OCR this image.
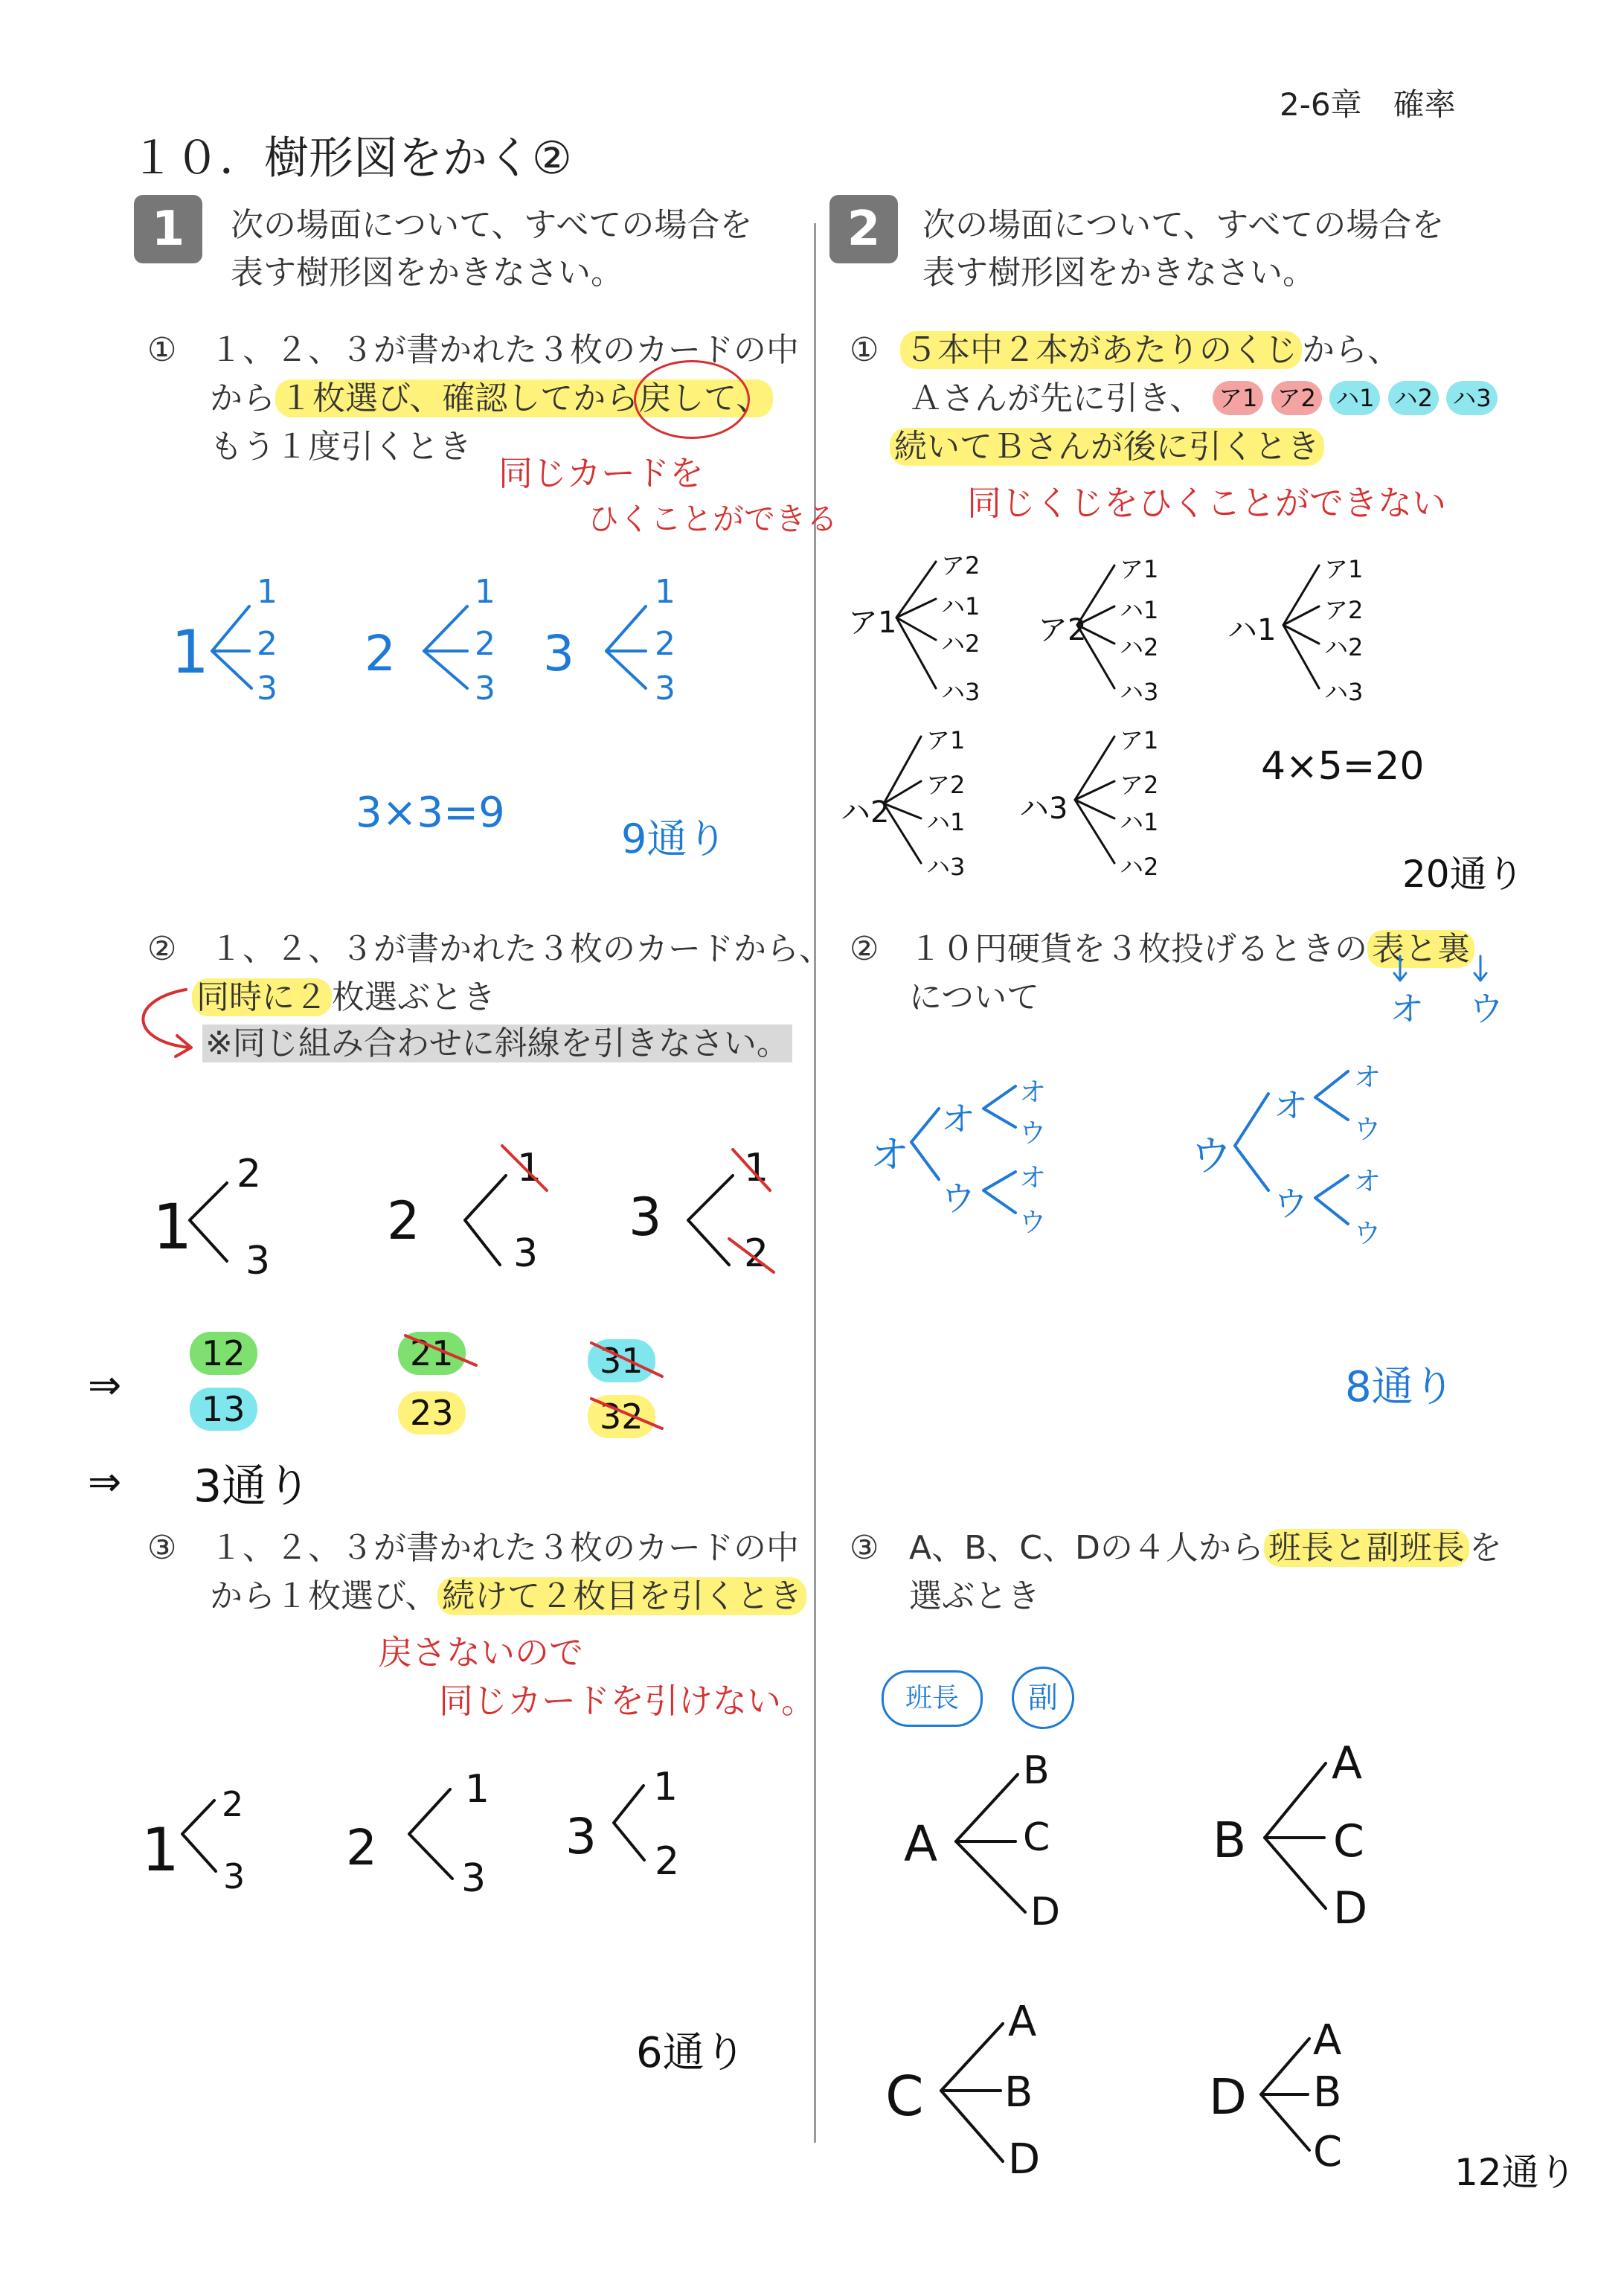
2-6章　確率
１０．樹形図をかく②
1	次の場面について、すべての場合を
表す樹形図をかきなさい。
① １、２、３が書かれた３枚のカードの中
から １枚選び、確認してから戻して、
もう１度引くとき
同じカードを
ひくことができる
1
1
2
3
2
1
2
3
3
1
2
3
3×3=9
9通り
② １、２、３が書かれた３枚のカードから、
同時に２ 枚選ぶとき
※同じ組み合わせに斜線を引きなさい。
1
2
3
2
1
3
3
1
2
⇒
12
13
21
23
31
32
⇒ 3通り
③ １、２、３が書かれた３枚のカードの中
から１枚選び、 続けて２枚目を引くとき
戻さないので
同じカードを引けない。
1
2
3 2
1
3
3
1
2
6通り
2	次の場面について、すべての場合を
表す樹形図をかきなさい。
① ５本中２本があたりのくじ から、
Ａさんが先に引き、 ア1 ア2 ハ1 ハ2 ハ3
続いてＢさんが後に引くとき
同じくじをひくことができない
ア1
ア2
ハ1
ハ2
ハ3
ア2
ア1
ハ1
ハ2
ハ3
ハ1
ア1
ア2
ハ2
ハ3
ハ2
ア1
ア2
ハ1
ハ3
ハ3
ア1
ア2
ハ1
ハ2
4×5=20
20通り
② １０円硬貨を３枚投げるときの 表と裏
について	オ ウ
オ
オ
ウ
オ
ウ
オ
ウ
ウ
オ
ウ
オ
ウ
オ
ウ
8通り
③ A、B、C、Dの４人から 班長と副班長 を
選ぶとき
班長	副
A
B
C
D
B
A
C
D
C
A
B
D
D
A
B
C	12通り
